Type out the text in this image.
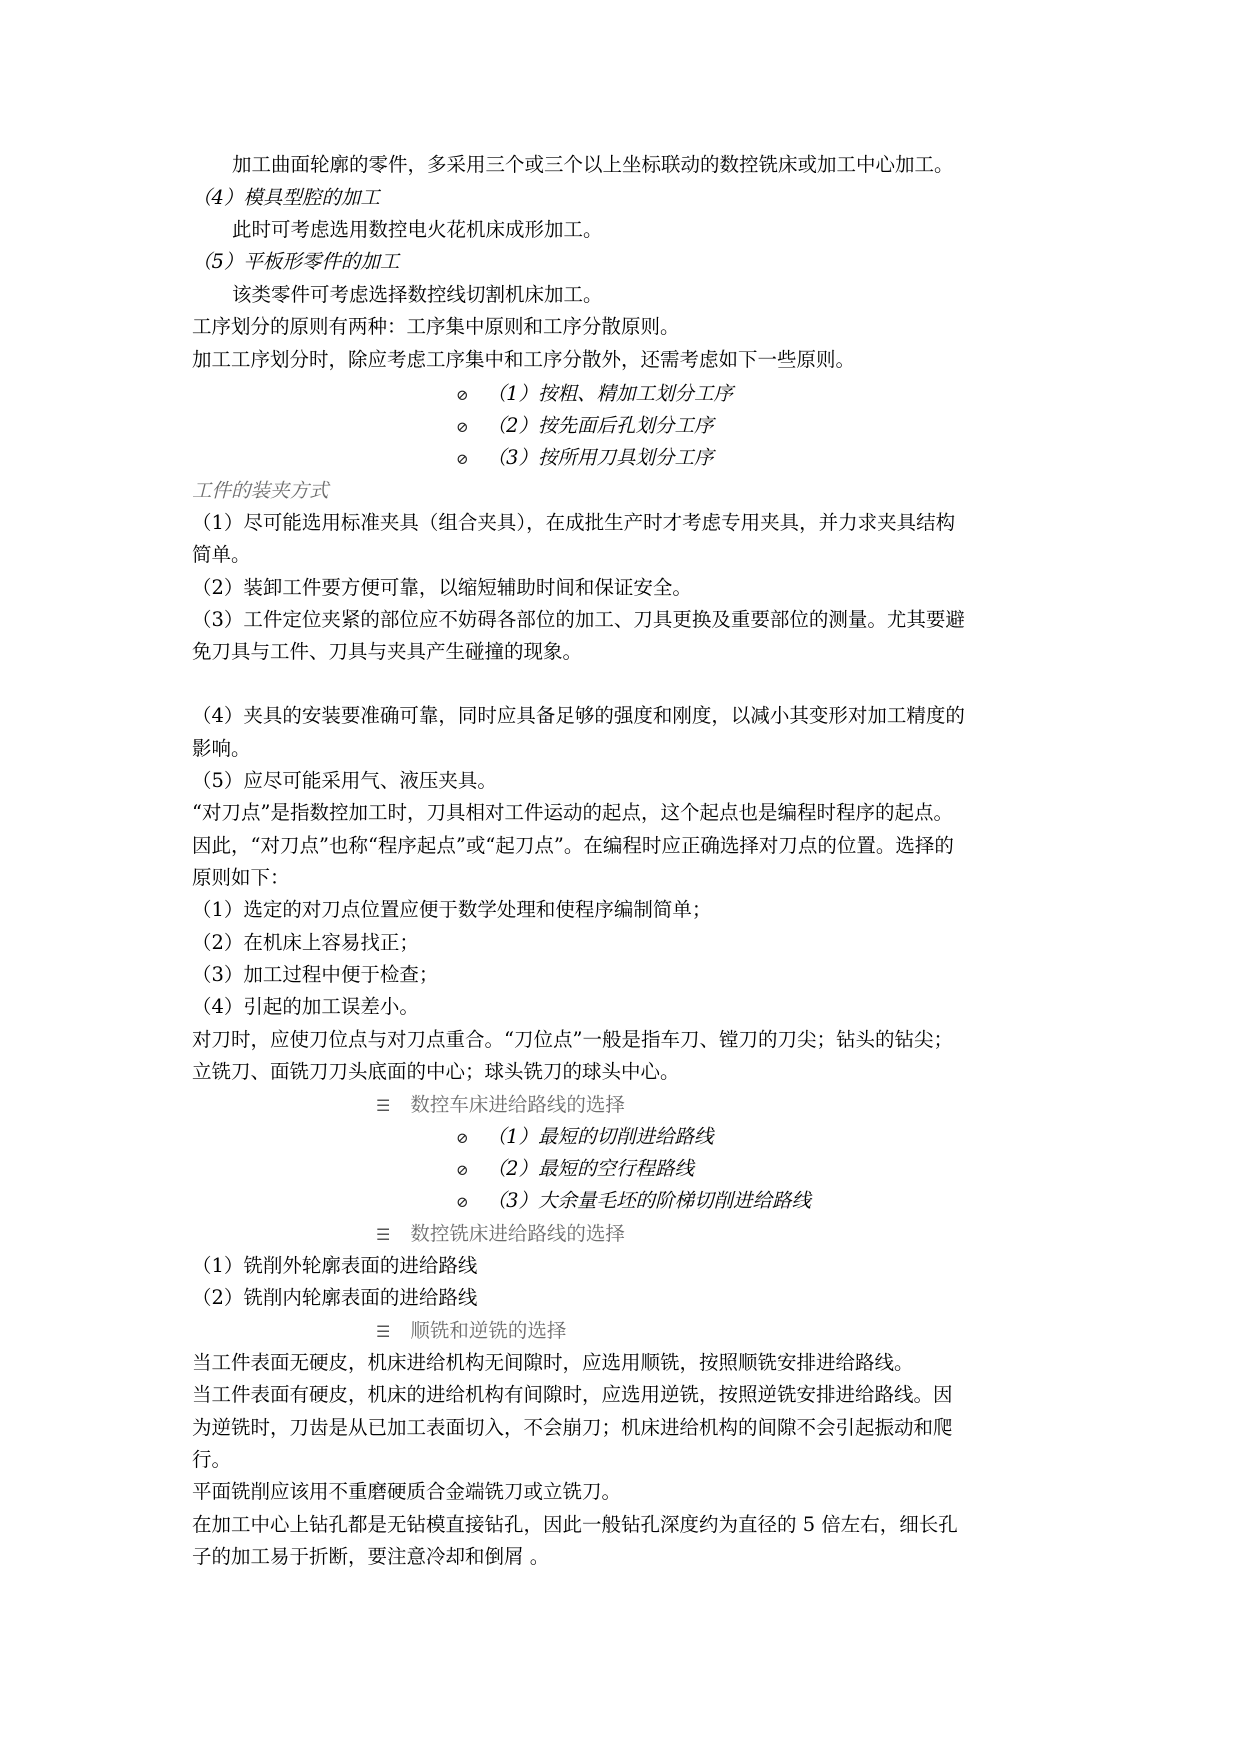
加工曲面轮廓的零件，多采用三个或三个以上坐标联动的数控铣床或加工中心加工。
（4）模具型腔的加工
此时可考虑选用数控电火花机床成形加工。
（5）平板形零件的加工
该类零件可考虑选择数控线切割机床加工。
工序划分的原则有两种：工序集中原则和工序分散原则。
加工工序划分时，除应考虑工序集中和工序分散外，还需考虑如下一些原则。
⊘ （1）按粗、精加工划分工序
⊘ （2）按先面后孔划分工序
⊘ （3）按所用刀具划分工序
工件的装夹方式
（1）尽可能选用标准夹具（组合夹具），在成批生产时才考虑专用夹具，并力求夹具结构
简单。
（2）装卸工件要方便可靠，以缩短辅助时间和保证安全。
（3）工件定位夹紧的部位应不妨碍各部位的加工、刀具更换及重要部位的测量。尤其要避
免刀具与工件、刀具与夹具产生碰撞的现象。
（4）夹具的安装要准确可靠，同时应具备足够的强度和刚度，以减小其变形对加工精度的
影响。
（5）应尽可能采用气、液压夹具。
“对刀点”是指数控加工时，刀具相对工件运动的起点，这个起点也是编程时程序的起点。
因此，“对刀点”也称“程序起点”或“起刀点”。在编程时应正确选择对刀点的位置。选择的
原则如下：
（1）选定的对刀点位置应便于数学处理和使程序编制简单；
（2）在机床上容易找正；
（3）加工过程中便于检查；
（4）引起的加工误差小。
对刀时，应使刀位点与对刀点重合。“刀位点”一般是指车刀、镗刀的刀尖；钻头的钻尖；
立铣刀、面铣刀刀头底面的中心；球头铣刀的球头中心。
☰ 数控车床进给路线的选择
⊘ （1）最短的切削进给路线
⊘ （2）最短的空行程路线
⊘ （3）大余量毛坯的阶梯切削进给路线
☰ 数控铣床进给路线的选择
（1）铣削外轮廓表面的进给路线
（2）铣削内轮廓表面的进给路线
☰ 顺铣和逆铣的选择
当工件表面无硬皮，机床进给机构无间隙时，应选用顺铣，按照顺铣安排进给路线。
当工件表面有硬皮，机床的进给机构有间隙时，应选用逆铣，按照逆铣安排进给路线。因
为逆铣时，刀齿是从已加工表面切入，不会崩刀；机床进给机构的间隙不会引起振动和爬
行。
平面铣削应该用不重磨硬质合金端铣刀或立铣刀。
在加工中心上钻孔都是无钻模直接钻孔，因此一般钻孔深度约为直径的 5 倍左右，细长孔
子的加工易于折断，要注意冷却和倒屑 。
